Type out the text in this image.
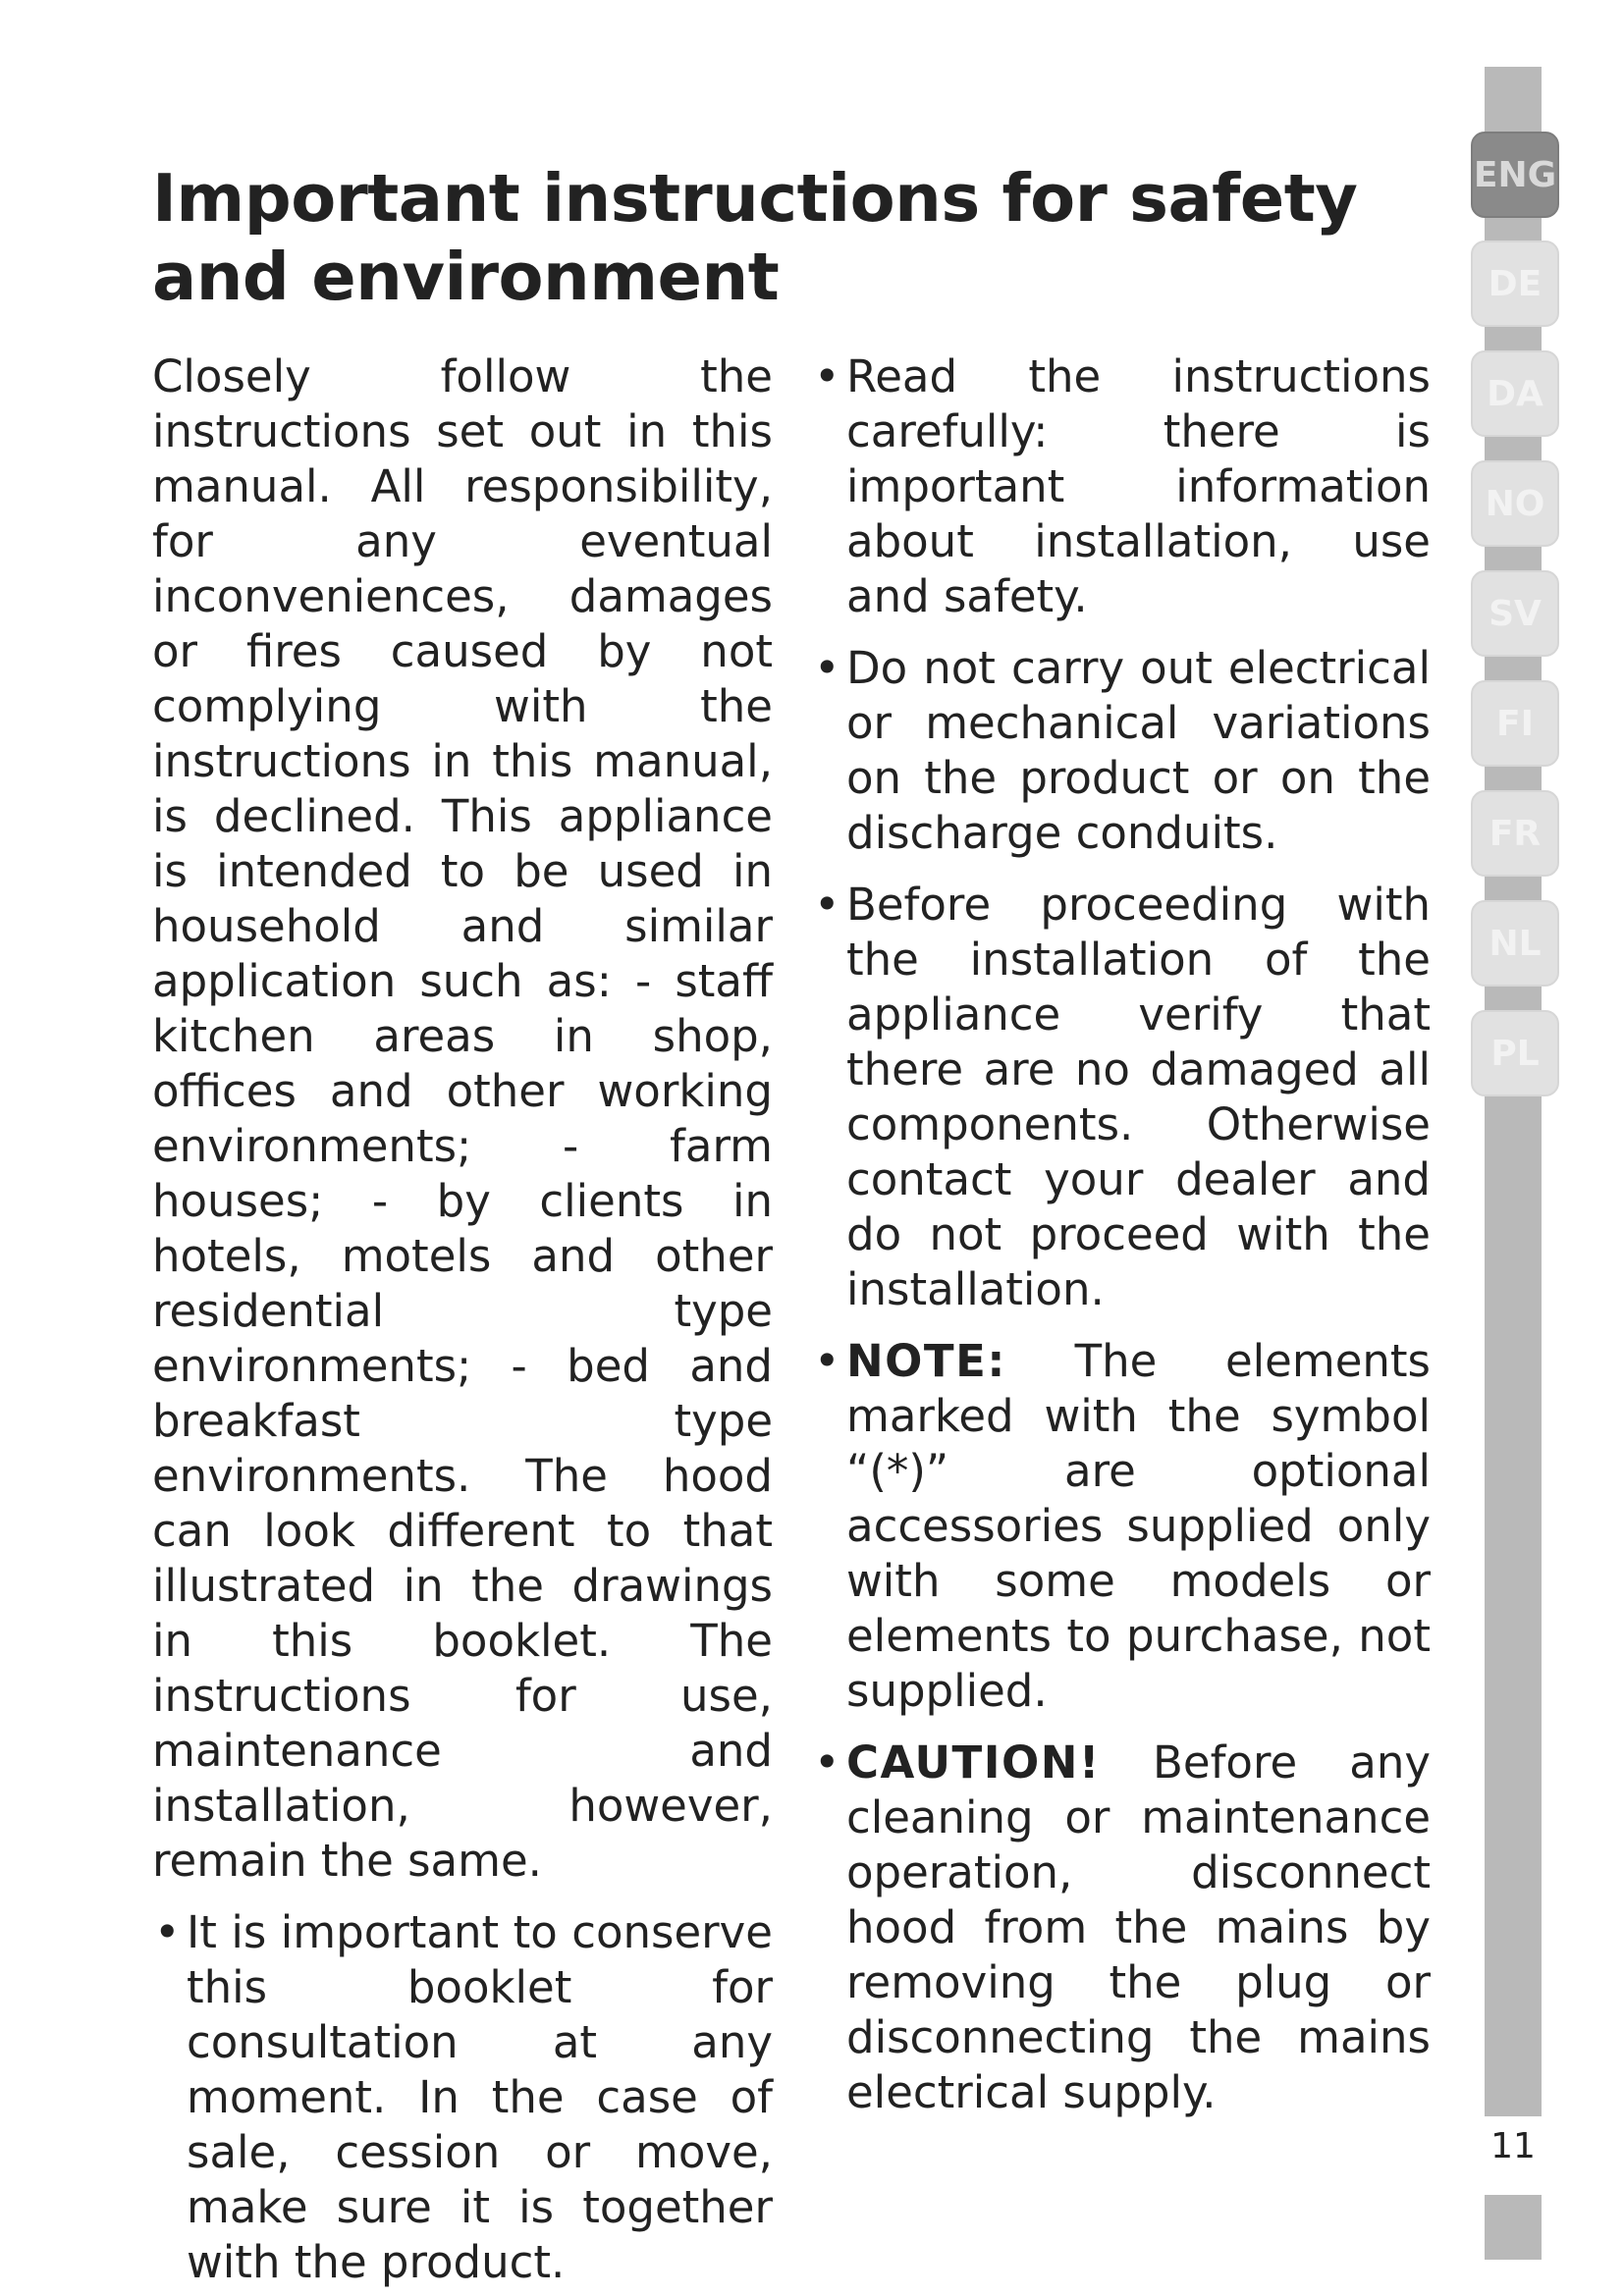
Important instructions for safety and environment

Closely follow the instructions set out in this manual. All responsibility, for any eventual inconveniences, damages or fires caused by not complying with the instructions in this manual, is declined. This appliance is intended to be used in household and similar application such as: - staff kitchen areas in shop, offices and other working environments; - farm houses; - by clients in hotels, motels and other residential type environments; - bed and breakfast type environments. The hood can look different to that illustrated in the drawings in this booklet. The instructions for use, maintenance and installation, however, remain the same.

• It is important to conserve this booklet for consultation at any moment. In the case of sale, cession or move, make sure it is together with the product.
• Read the instructions carefully: there is important information about installation, use and safety.
• Do not carry out electrical or mechanical variations on the product or on the discharge conduits.
• Before proceeding with the installation of the appliance verify that there are no damaged all components. Otherwise contact your dealer and do not proceed with the installation.
• NOTE: The elements marked with the symbol “(*)” are optional accessories supplied only with some models or elements to purchase, not supplied.
• CAUTION! Before any cleaning or maintenance operation, disconnect hood from the mains by removing the plug or disconnecting the mains electrical supply.
ENG
DE
DA
NO
SV
FI
FR
NL
PL
11
